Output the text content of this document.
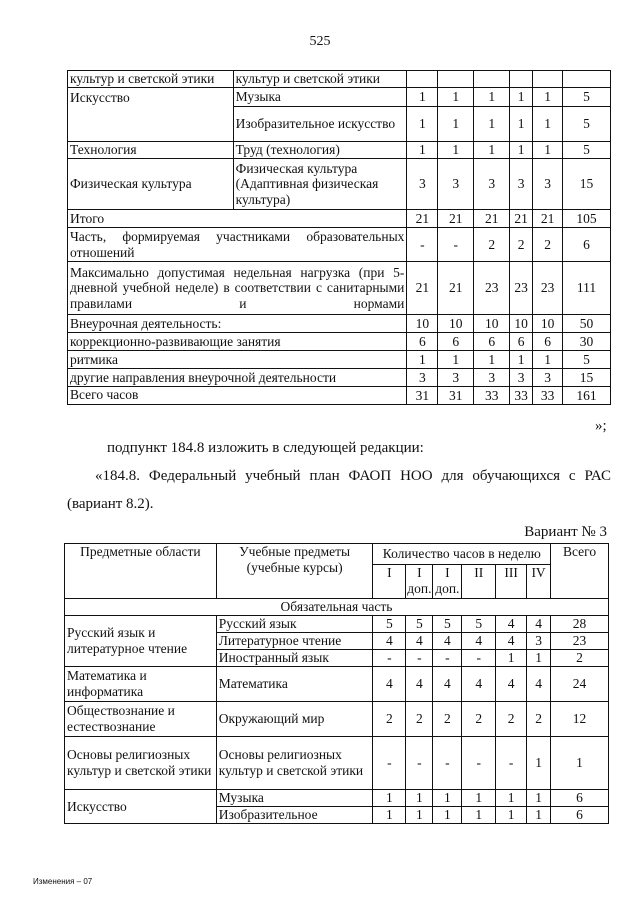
525
культур и светской этики	культур и светской этики						
Искусство	Музыка	1	1	1	1	1	5
	Изобразительное искусство	1	1	1	1	1	5
Технология	Труд (технология)	1	1	1	1	1	5
Физическая культура	Физическая культура (Адаптивная физическая культура)	3	3	3	3	3	15
Итого		21	21	21	21	21	105
Часть, формируемая участниками образовательных отношений		-	-	2	2	2	6
Максимально допустимая недельная нагрузка (при 5-дневной учебной неделе) в соответствии с санитарными правилами и нормами		21	21	23	23	23	111
Внеурочная деятельность:		10	10	10	10	10	50
коррекционно-развивающие занятия		6	6	6	6	6	30
ритмика		1	1	1	1	1	5
другие направления внеурочной деятельности		3	3	3	3	3	15
Всего часов		31	31	33	33	33	161
»;
подпункт 184.8 изложить в следующей редакции:
«184.8. Федеральный учебный план ФАОП НОО для обучающихся с РАС
(вариант 8.2).
Вариант № 3
Предметные области	Учебные предметы (учебные курсы)	Количество часов в неделю						Всего
		I	I доп.	I доп.	II	III	IV	
Обязательная часть								
Русский язык и литературное чтение	Русский язык	5	5	5	5	4	4	28
	Литературное чтение	4	4	4	4	4	3	23
	Иностранный язык	-	-	-	-	1	1	2
Математика и информатика	Математика	4	4	4	4	4	4	24
Обществознание и естествознание	Окружающий мир	2	2	2	2	2	2	12
Основы религиозных культур и светской этики	Основы религиозных культур и светской этики	-	-	-	-	-	1	1
Искусство	Музыка	1	1	1	1	1	1	6
	Изобразительное	1	1	1	1	1	1	6
Изменения – 07
